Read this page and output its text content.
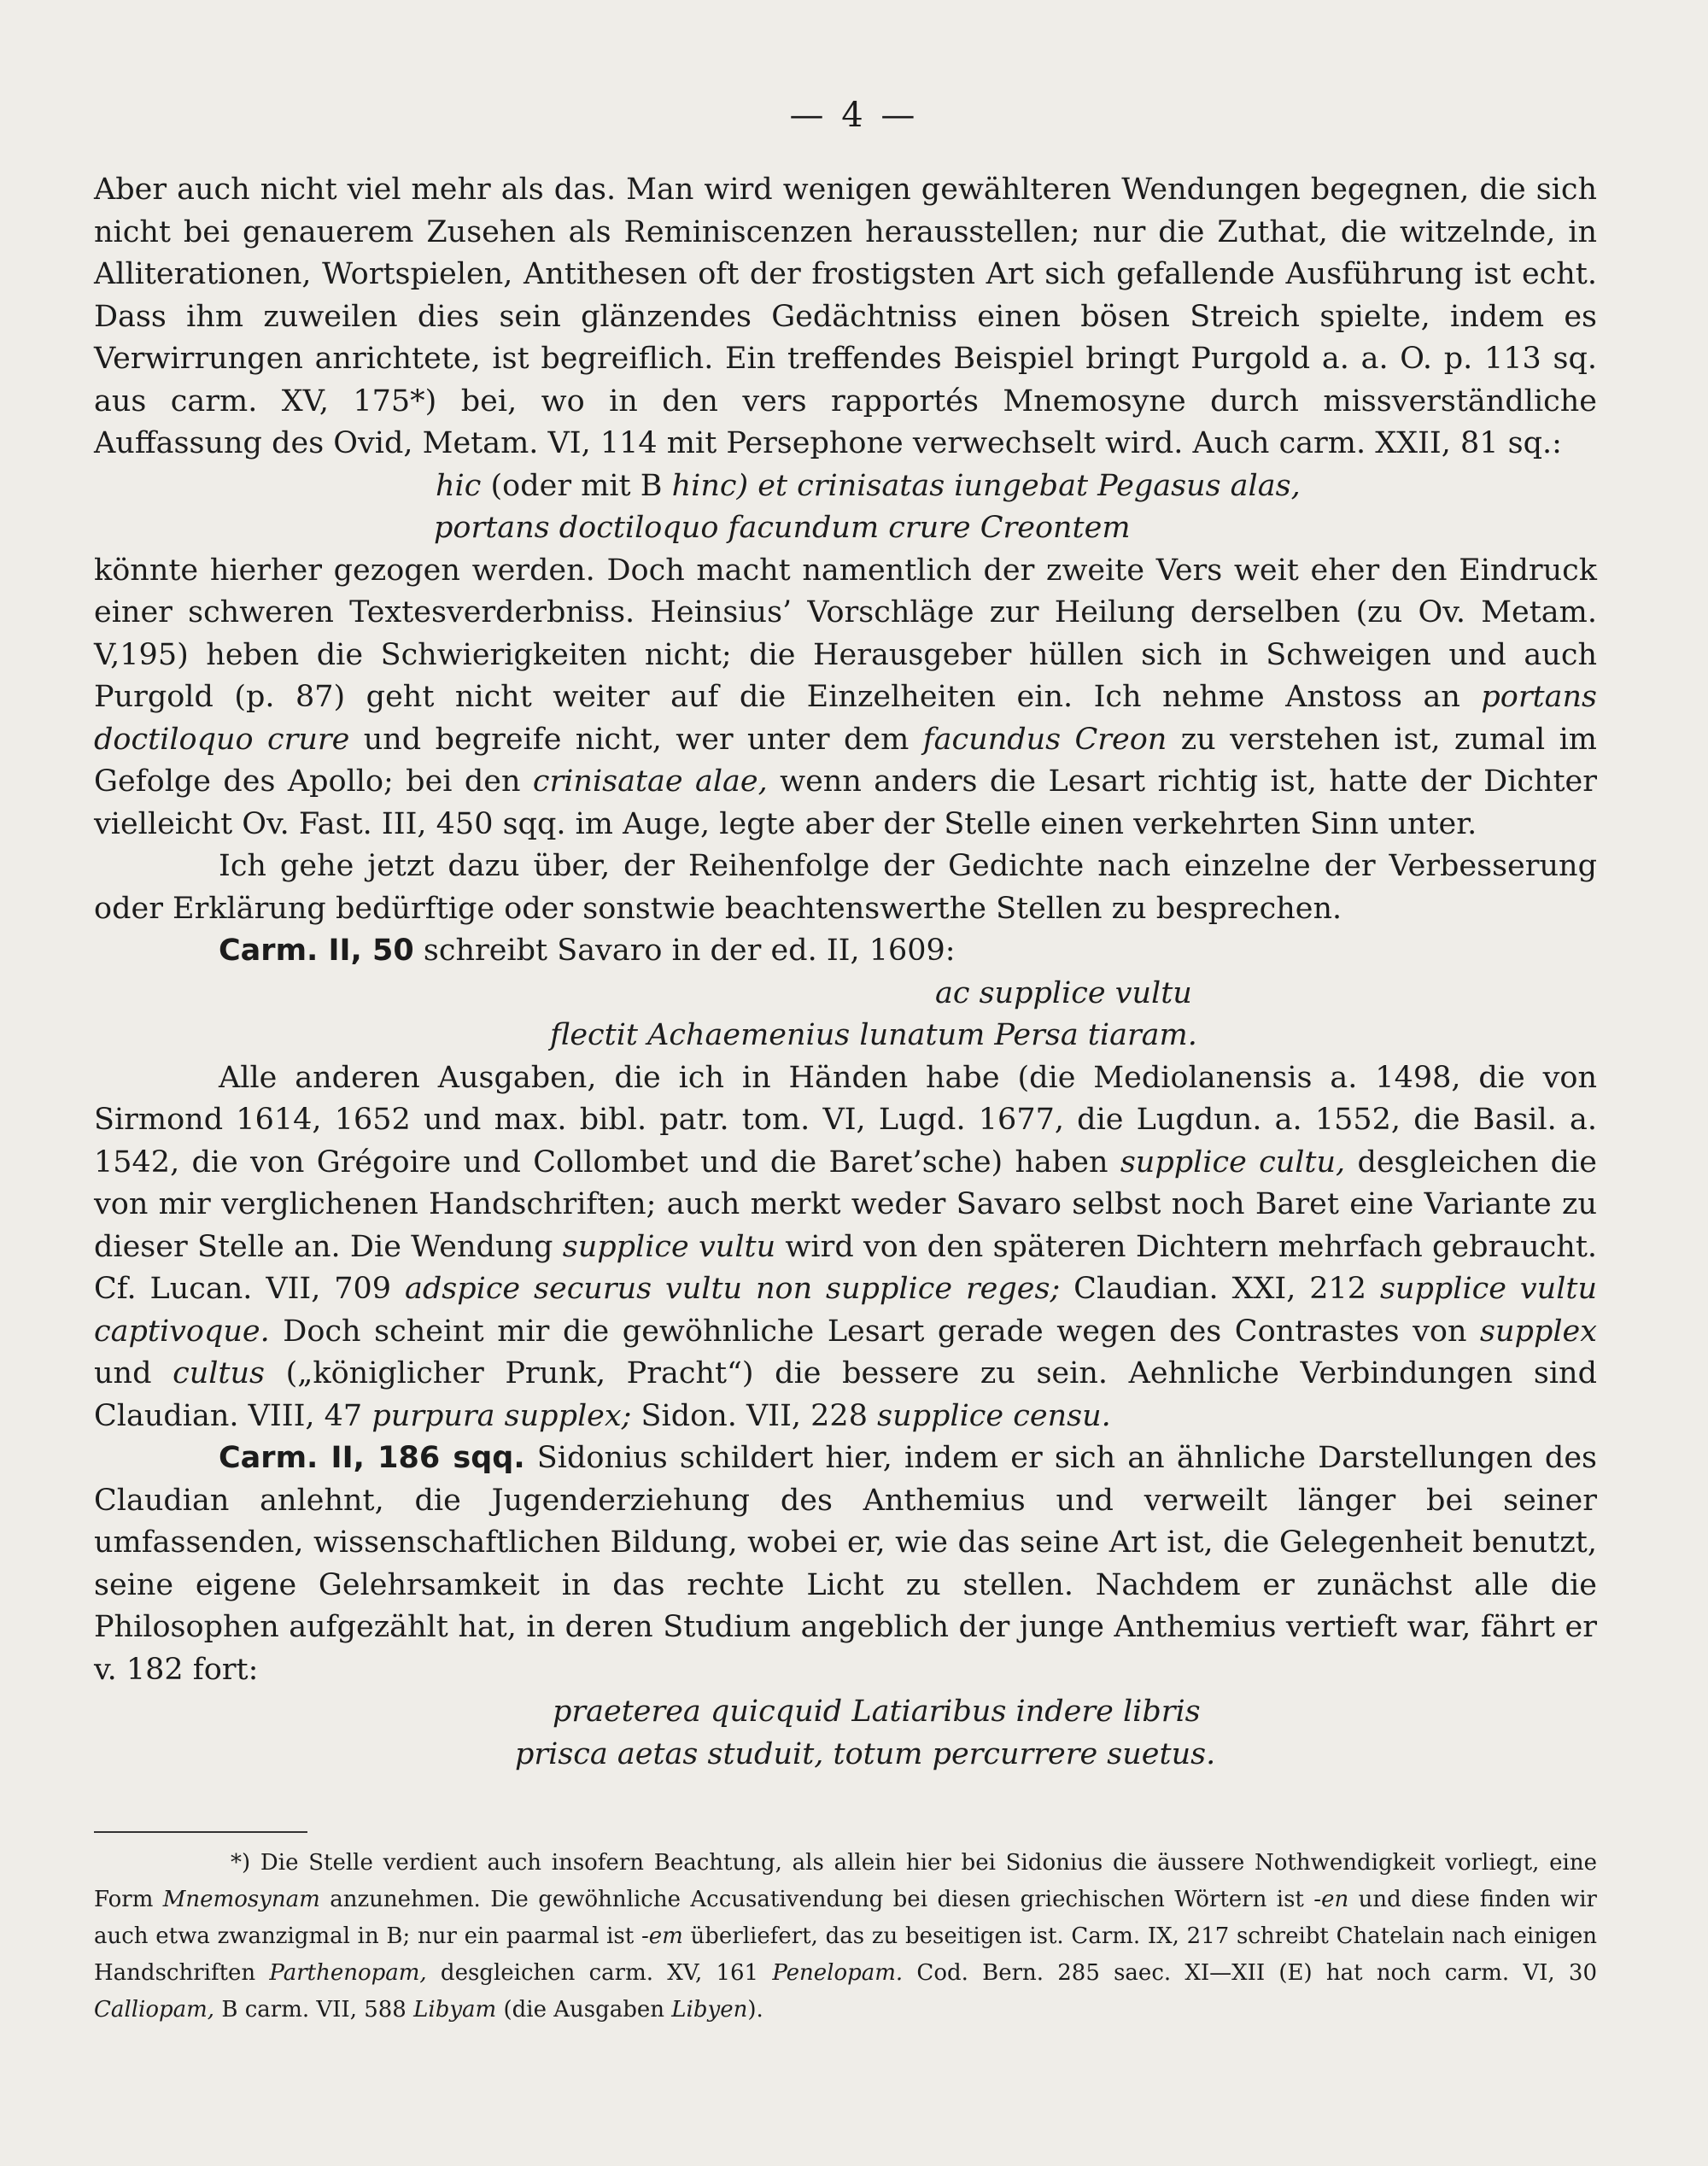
— 4 —

Aber auch nicht viel mehr als das. Man wird wenigen gewählteren Wendungen begegnen, die sich nicht bei genauerem Zusehen als Reminiscenzen herausstellen; nur die Zuthat, die witzelnde, in Alliterationen, Wortspielen, Antithesen oft der frostigsten Art sich gefallende Ausführung ist echt. Dass ihm zuweilen dies sein glänzendes Gedächtniss einen bösen Streich spielte, indem es Verwirrungen anrichtete, ist begreiflich. Ein treffendes Beispiel bringt Purgold a. a. O. p. 113 sq. aus carm. XV, 175*) bei, wo in den vers rapportés Mnemosyne durch missverständliche Auffassung des Ovid, Metam. VI, 114 mit Persephone verwechselt wird. Auch carm. XXII, 81 sq.:

hic (oder mit B hinc) et crinisatas iungebat Pegasus alas,

portans doctiloquo facundum crure Creontem

könnte hierher gezogen werden. Doch macht namentlich der zweite Vers weit eher den Eindruck einer schweren Textesverderbniss. Heinsius’ Vorschläge zur Heilung derselben (zu Ov. Metam. V,195) heben die Schwierigkeiten nicht; die Herausgeber hüllen sich in Schweigen und auch Purgold (p. 87) geht nicht weiter auf die Einzelheiten ein. Ich nehme Anstoss an portans doctiloquo crure und begreife nicht, wer unter dem facundus Creon zu verstehen ist, zumal im Gefolge des Apollo; bei den crinisatae alae, wenn anders die Lesart richtig ist, hatte der Dichter vielleicht Ov. Fast. III, 450 sqq. im Auge, legte aber der Stelle einen verkehrten Sinn unter.

Ich gehe jetzt dazu über, der Reihenfolge der Gedichte nach einzelne der Verbesserung oder Erklärung bedürftige oder sonstwie beachtenswerthe Stellen zu besprechen.

Carm. II, 50 schreibt Savaro in der ed. II, 1609:

ac supplice vultu

flectit Achaemenius lunatum Persa tiaram.

Alle anderen Ausgaben, die ich in Händen habe (die Mediolanensis a. 1498, die von Sirmond 1614, 1652 und max. bibl. patr. tom. VI, Lugd. 1677, die Lugdun. a. 1552, die Basil. a. 1542, die von Grégoire und Collombet und die Baret’sche) haben supplice cultu, desgleichen die von mir verglichenen Handschriften; auch merkt weder Savaro selbst noch Baret eine Variante zu dieser Stelle an. Die Wendung supplice vultu wird von den späteren Dichtern mehrfach gebraucht. Cf. Lucan. VII, 709 adspice securus vultu non supplice reges; Claudian. XXI, 212 supplice vultu captivoque. Doch scheint mir die gewöhnliche Lesart gerade wegen des Contrastes von supplex und cultus („königlicher Prunk, Pracht“) die bessere zu sein. Aehnliche Verbindungen sind Claudian. VIII, 47 purpura supplex; Sidon. VII, 228 supplice censu.

Carm. II, 186 sqq. Sidonius schildert hier, indem er sich an ähnliche Darstellungen des Claudian anlehnt, die Jugenderziehung des Anthemius und verweilt länger bei seiner umfassenden, wissenschaftlichen Bildung, wobei er, wie das seine Art ist, die Gelegenheit benutzt, seine eigene Gelehrsamkeit in das rechte Licht zu stellen. Nachdem er zunächst alle die Philosophen aufgezählt hat, in deren Studium angeblich der junge Anthemius vertieft war, fährt er v. 182 fort:

praeterea quicquid Latiaribus indere libris

prisca aetas studuit, totum percurrere suetus.

*) Die Stelle verdient auch insofern Beachtung, als allein hier bei Sidonius die äussere Nothwendigkeit vorliegt, eine Form Mnemosynam anzunehmen. Die gewöhnliche Accusativendung bei diesen griechischen Wörtern ist -en und diese finden wir auch etwa zwanzigmal in B; nur ein paarmal ist -em überliefert, das zu beseitigen ist. Carm. IX, 217 schreibt Chatelain nach einigen Handschriften Parthenopam, desgleichen carm. XV, 161 Penelopam. Cod. Bern. 285 saec. XI—XII (E) hat noch carm. VI, 30 Calliopam, B carm. VII, 588 Libyam (die Ausgaben Libyen).
